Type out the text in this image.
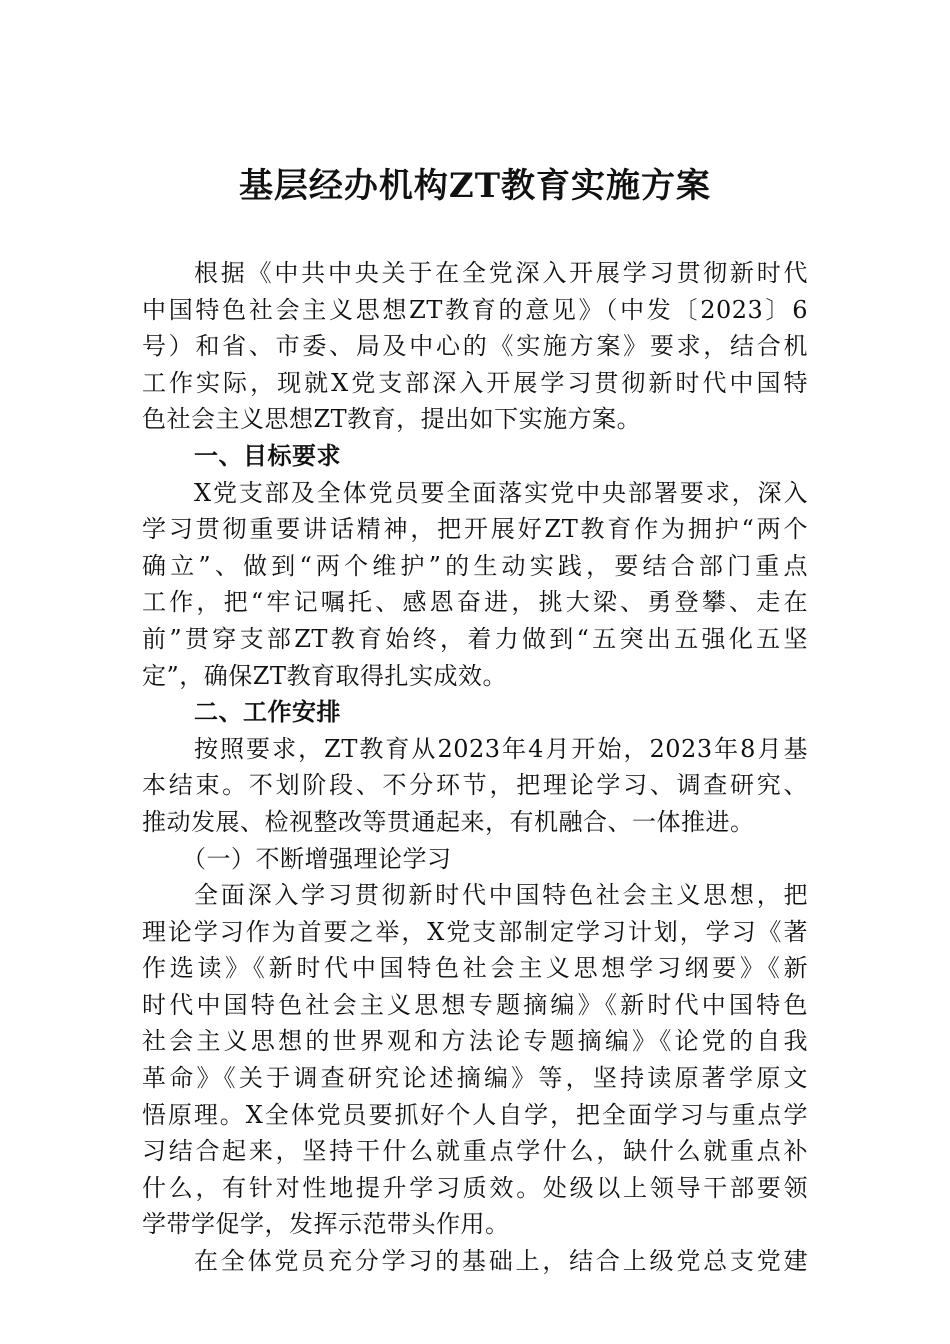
基层经办机构ZT教育实施方案
根据《中共中央关于在全党深入开展学习贯彻新时代
中国特色社会主义思想ZT教育的意见》（中发〔2023〕6
号）和省、市委、局及中心的《实施方案》要求，结合机
工作实际，现就X党支部深入开展学习贯彻新时代中国特
色社会主义思想ZT教育，提出如下实施方案。
一、目标要求
X党支部及全体党员要全面落实党中央部署要求，深入
学习贯彻重要讲话精神，把开展好ZT教育作为拥护“两个
确立”、做到“两个维护”的生动实践，要结合部门重点
工作，把“牢记嘱托、感恩奋进，挑大梁、勇登攀、走在
前”贯穿支部ZT教育始终，着力做到“五突出五强化五坚
定”，确保ZT教育取得扎实成效。
二、工作安排
按照要求，ZT教育从2023年4月开始，2023年8月基
本结束。不划阶段、不分环节，把理论学习、调查研究、
推动发展、检视整改等贯通起来，有机融合、一体推进。
（一）不断增强理论学习
全面深入学习贯彻新时代中国特色社会主义思想，把
理论学习作为首要之举，X党支部制定学习计划，学习《著
作选读》《新时代中国特色社会主义思想学习纲要》《新
时代中国特色社会主义思想专题摘编》《新时代中国特色
社会主义思想的世界观和方法论专题摘编》《论党的自我
革命》《关于调查研究论述摘编》等，坚持读原著学原文
悟原理。X全体党员要抓好个人自学，把全面学习与重点学
习结合起来，坚持干什么就重点学什么，缺什么就重点补
什么，有针对性地提升学习质效。处级以上领导干部要领
学带学促学，发挥示范带头作用。
在全体党员充分学习的基础上，结合上级党总支党建
